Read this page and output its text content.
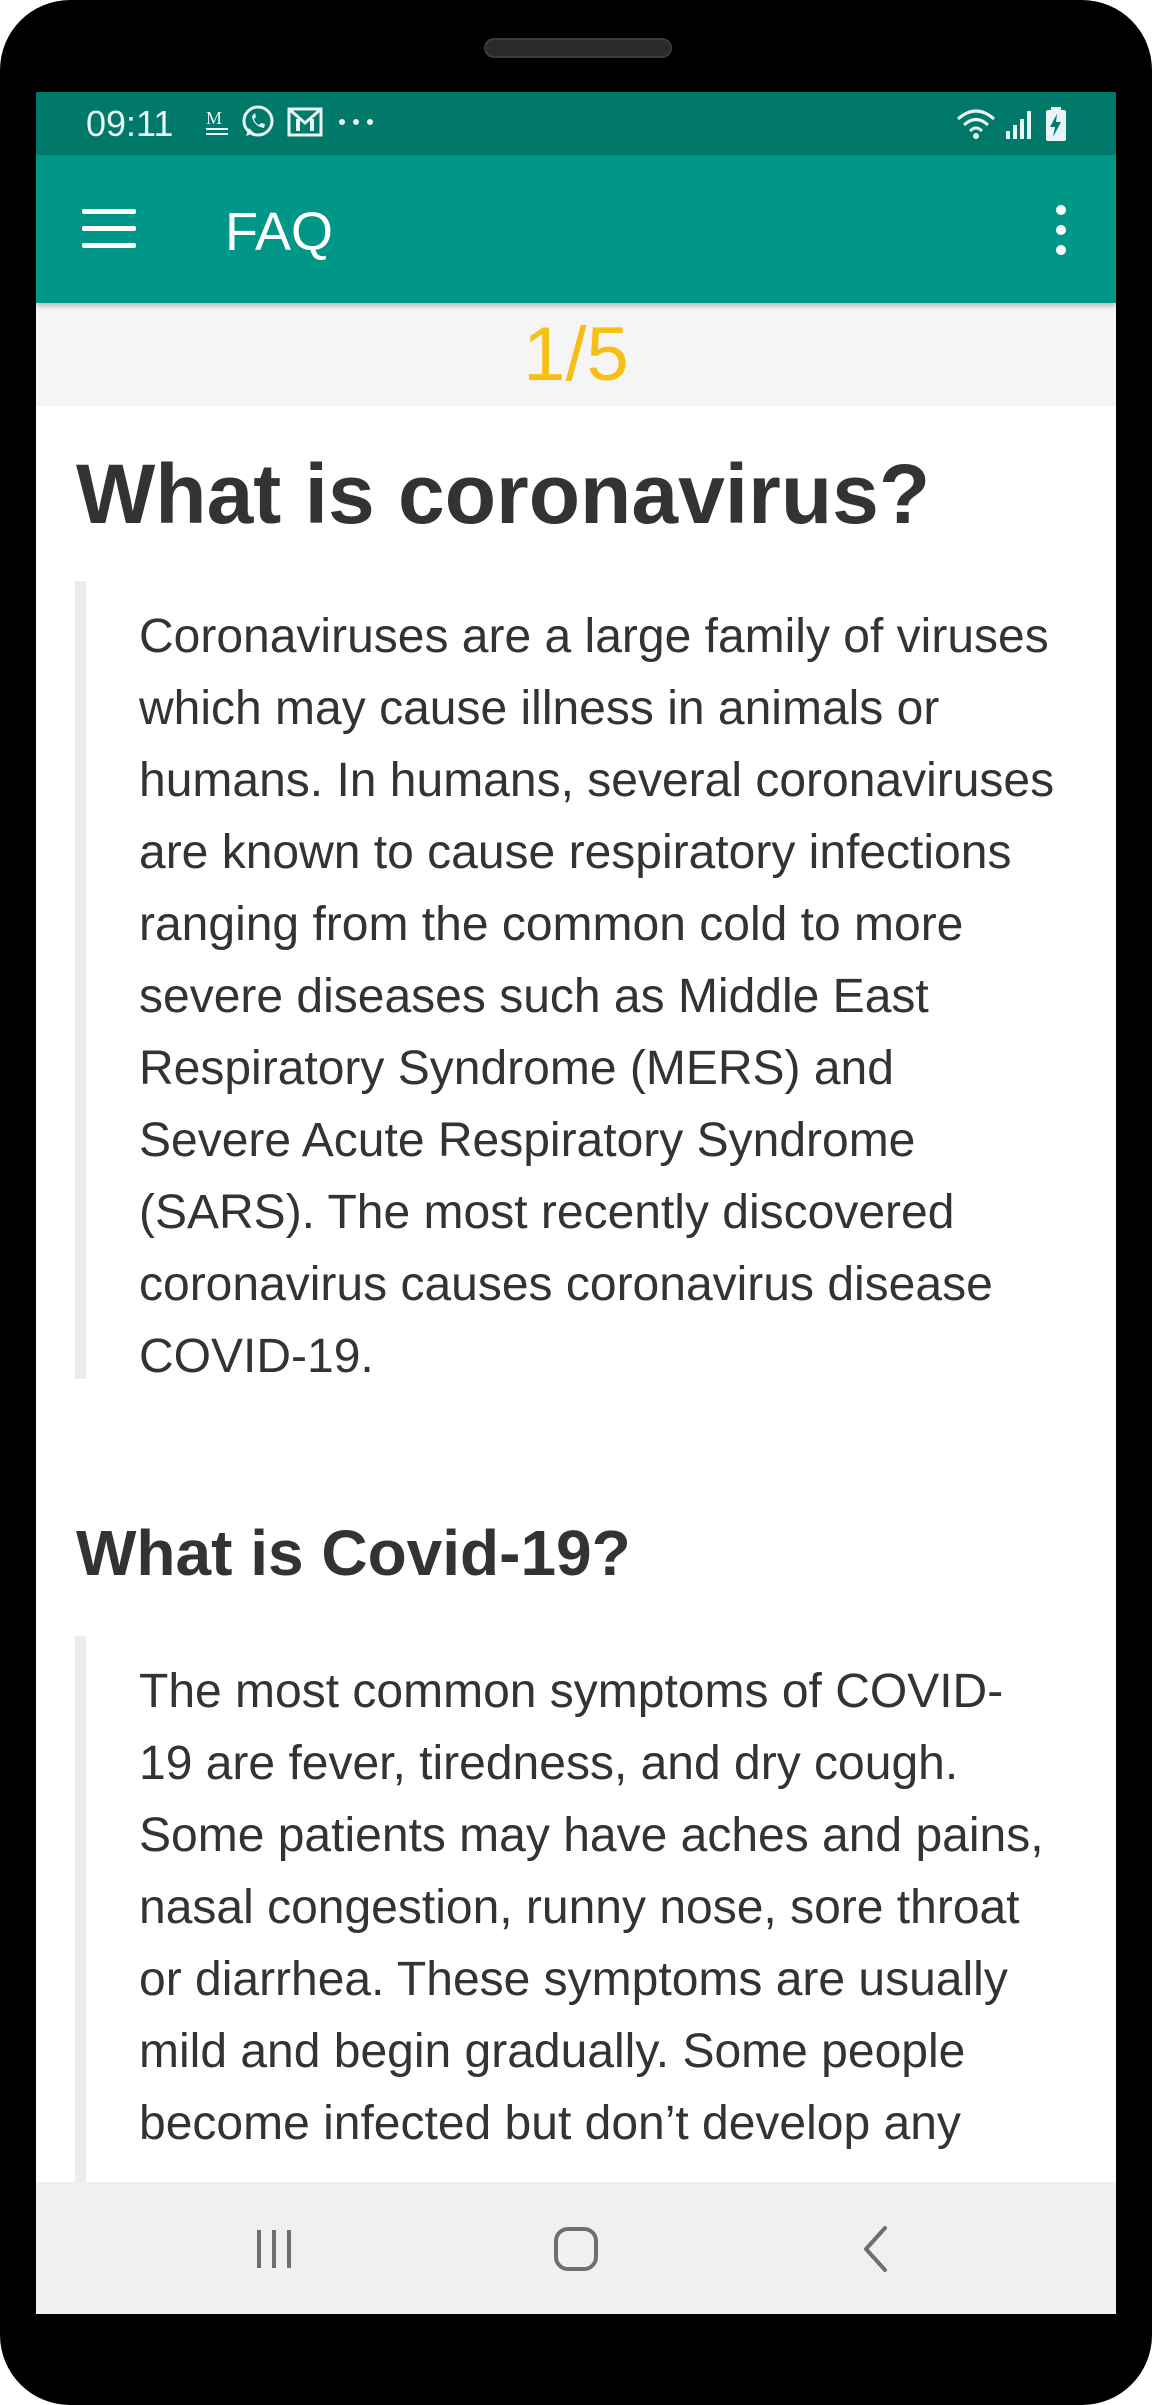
09:11 M
FAQ
1/5
What is coronavirus?

Coronaviruses are a large family of viruses which may cause illness in animals or humans. In humans, several coronaviruses are known to cause respiratory infections ranging from the common cold to more severe diseases such as Middle East Respiratory Syndrome (MERS) and Severe Acute Respiratory Syndrome (SARS). The most recently discovered coronavirus causes coronavirus disease COVID-19.

What is Covid-19?

The most common symptoms of COVID-19 are fever, tiredness, and dry cough. Some patients may have aches and pains, nasal congestion, runny nose, sore throat or diarrhea. These symptoms are usually mild and begin gradually. Some people become infected but don’t develop any
